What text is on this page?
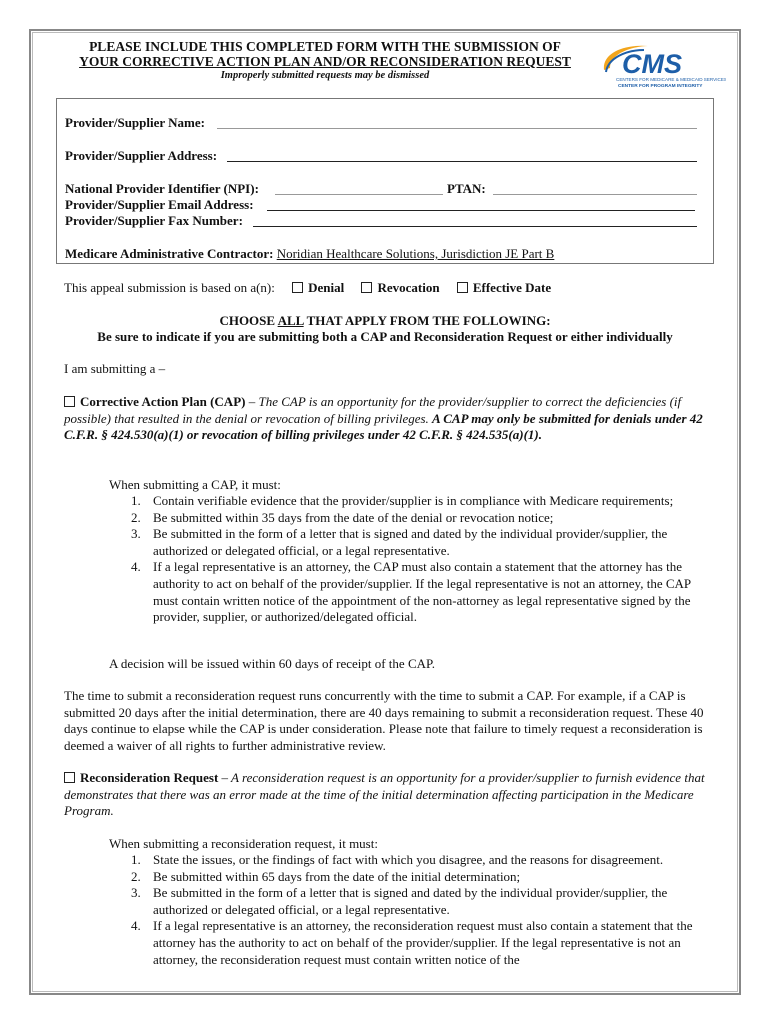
PLEASE INCLUDE THIS COMPLETED FORM WITH THE SUBMISSION OF
YOUR CORRECTIVE ACTION PLAN AND/OR RECONSIDERATION REQUEST
Improperly submitted requests may be dismissed	CMS
CENTERS FOR MEDICARE & MEDICAID SERVICES
CENTER FOR PROGRAM INTEGRITY
Provider/Supplier Name:
Provider/Supplier Address:
National Provider Identifier (NPI):	PTAN:
Provider/Supplier Email Address:
Provider/Supplier Fax Number:
Medicare Administrative Contractor: Noridian Healthcare Solutions, Jurisdiction JE Part B
This appeal submission is based on a(n):	Denial	Revocation	Effective Date
CHOOSE ALL THAT APPLY FROM THE FOLLOWING:
Be sure to indicate if you are submitting both a CAP and Reconsideration Request or either individually
I am submitting a –
Corrective Action Plan (CAP) – The CAP is an opportunity for the provider/supplier to correct the deficiencies (if possible) that resulted in the denial or revocation of billing privileges. A CAP may only be submitted for denials under 42 C.F.R. § 424.530(a)(1) or revocation of billing privileges under 42 C.F.R. § 424.535(a)(1).
When submitting a CAP, it must:
1. Contain verifiable evidence that the provider/supplier is in compliance with Medicare requirements;
2. Be submitted within 35 days from the date of the denial or revocation notice;
3. Be submitted in the form of a letter that is signed and dated by the individual provider/supplier, the authorized or delegated official, or a legal representative.
4. If a legal representative is an attorney, the CAP must also contain a statement that the attorney has the authority to act on behalf of the provider/supplier. If the legal representative is not an attorney, the CAP must contain written notice of the appointment of the non-attorney as legal representative signed by the provider, supplier, or authorized/delegated official.
A decision will be issued within 60 days of receipt of the CAP.
The time to submit a reconsideration request runs concurrently with the time to submit a CAP. For example, if a CAP is submitted 20 days after the initial determination, there are 40 days remaining to submit a reconsideration request. These 40 days continue to elapse while the CAP is under consideration. Please note that failure to timely request a reconsideration is deemed a waiver of all rights to further administrative review.
Reconsideration Request – A reconsideration request is an opportunity for a provider/supplier to furnish evidence that demonstrates that there was an error made at the time of the initial determination affecting participation in the Medicare Program.
When submitting a reconsideration request, it must:
1. State the issues, or the findings of fact with which you disagree, and the reasons for disagreement.
2. Be submitted within 65 days from the date of the initial determination;
3. Be submitted in the form of a letter that is signed and dated by the individual provider/supplier, the authorized or delegated official, or a legal representative.
4. If a legal representative is an attorney, the reconsideration request must also contain a statement that the attorney has the authority to act on behalf of the provider/supplier. If the legal representative is not an attorney, the reconsideration request must contain written notice of the
